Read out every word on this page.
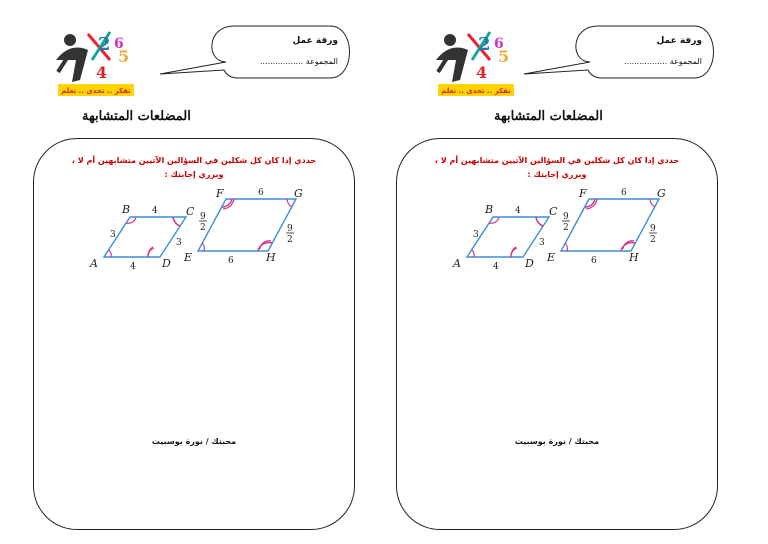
2 6
5
4
تفكر .. تحدى .. تعلم
ورقة عمل
المجموعة .................
المضلعات المتشابهة
حددي إذا كان كل شكلين في السؤالين الآتيين متشابهين أم لا ،
وبرري إجابتك :
B	C
A	D
4
4
3
3
F	G
E	H
6
6
9
2	9
2
محبتك / نورة بوسبيت
2 6
5
4
تفكر .. تحدى .. تعلم
ورقة عمل
المجموعة .................
المضلعات المتشابهة
حددي إذا كان كل شكلين في السؤالين الآتيين متشابهين أم لا ،
وبرري إجابتك :
B	C
A	D
4
4
3
3
F	G
E	H
6
6
9
2	9
2
محبتك / نورة بوسبيت
